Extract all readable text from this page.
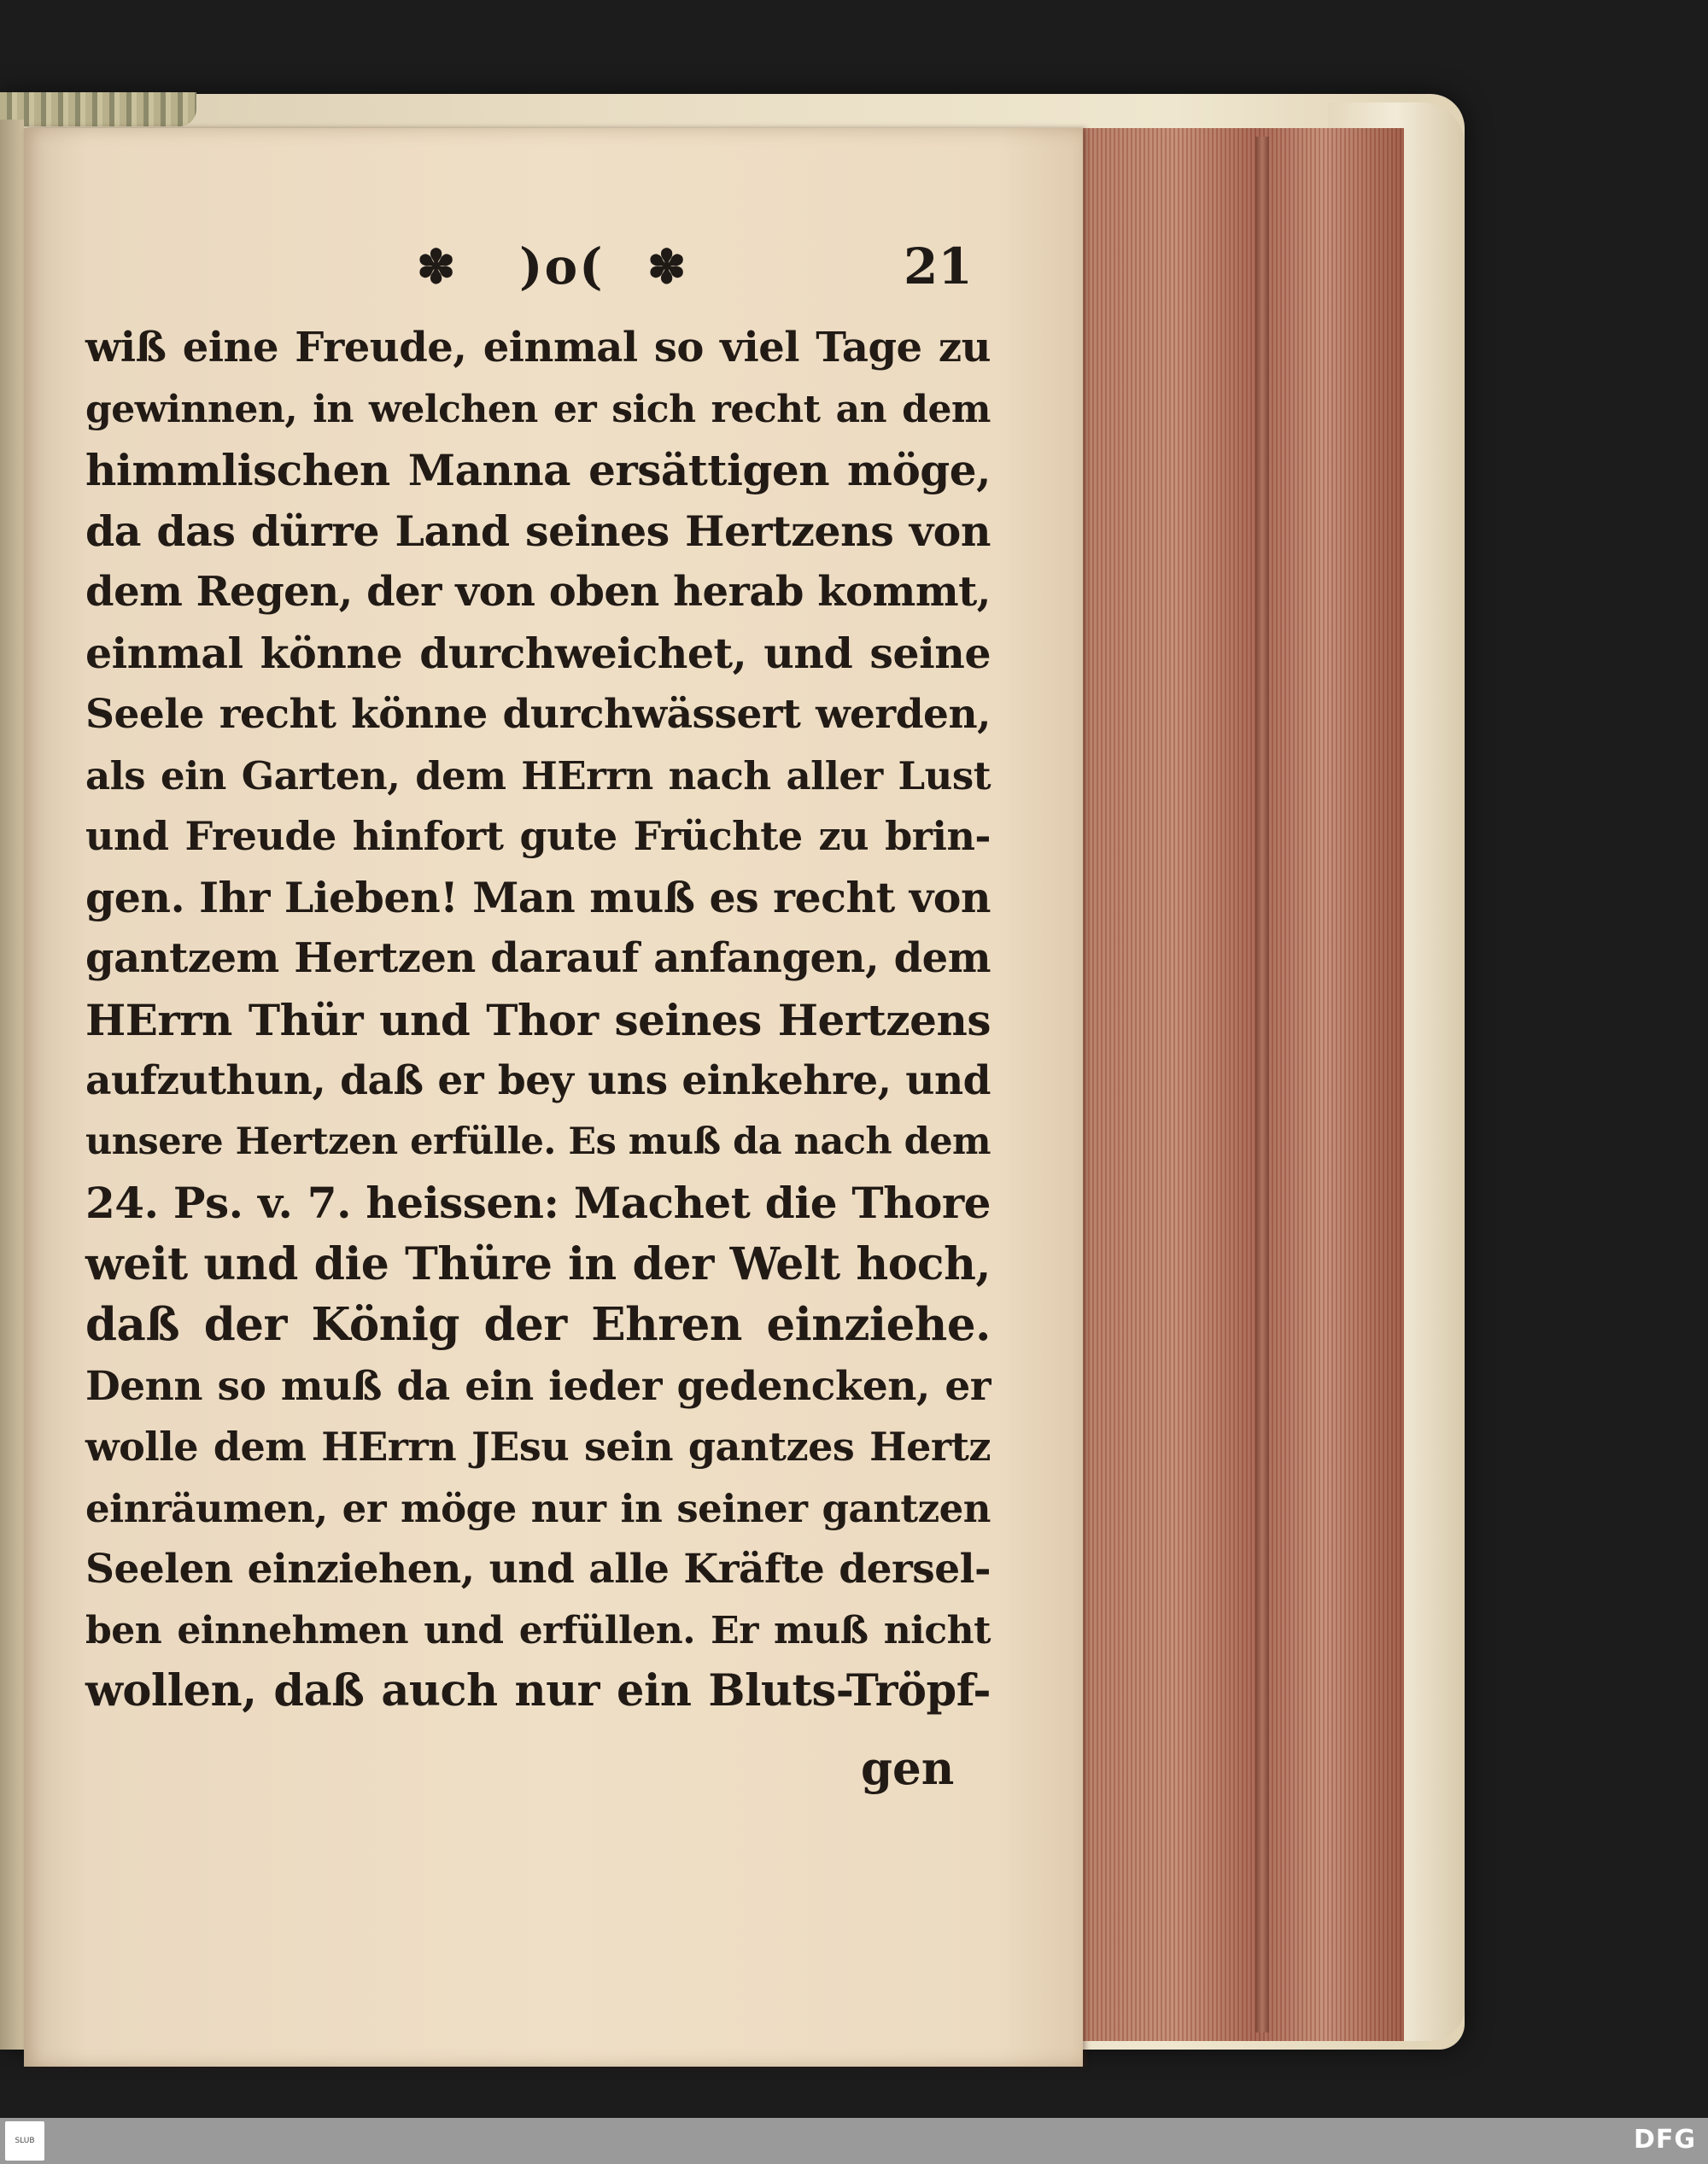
✽ )o( ✽	21
wiß eine Freude, einmal so viel Tage zu
gewinnen, in welchen er sich recht an dem
himmlischen Manna ersättigen möge,
da das dürre Land seines Hertzens von
dem Regen, der von oben herab kommt,
einmal könne durchweichet, und seine
Seele recht könne durchwässert werden,
als ein Garten, dem HErrn nach aller Lust
und Freude hinfort gute Früchte zu brin-
gen. Ihr Lieben! Man muß es recht von
gantzem Hertzen darauf anfangen, dem
HErrn Thür und Thor seines Hertzens
aufzuthun, daß er bey uns einkehre, und
unsere Hertzen erfülle. Es muß da nach dem
24. Ps. v. 7. heissen: Machet die Thore
weit und die Thüre in der Welt hoch,
daß der König der Ehren einziehe.
Denn so muß da ein ieder gedencken, er
wolle dem HErrn JEsu sein gantzes Hertz
einräumen, er möge nur in seiner gantzen
Seelen einziehen, und alle Kräfte dersel-
ben einnehmen und erfüllen. Er muß nicht
wollen, daß auch nur ein Bluts-Tröpf-
gen
SLUB	DFG
